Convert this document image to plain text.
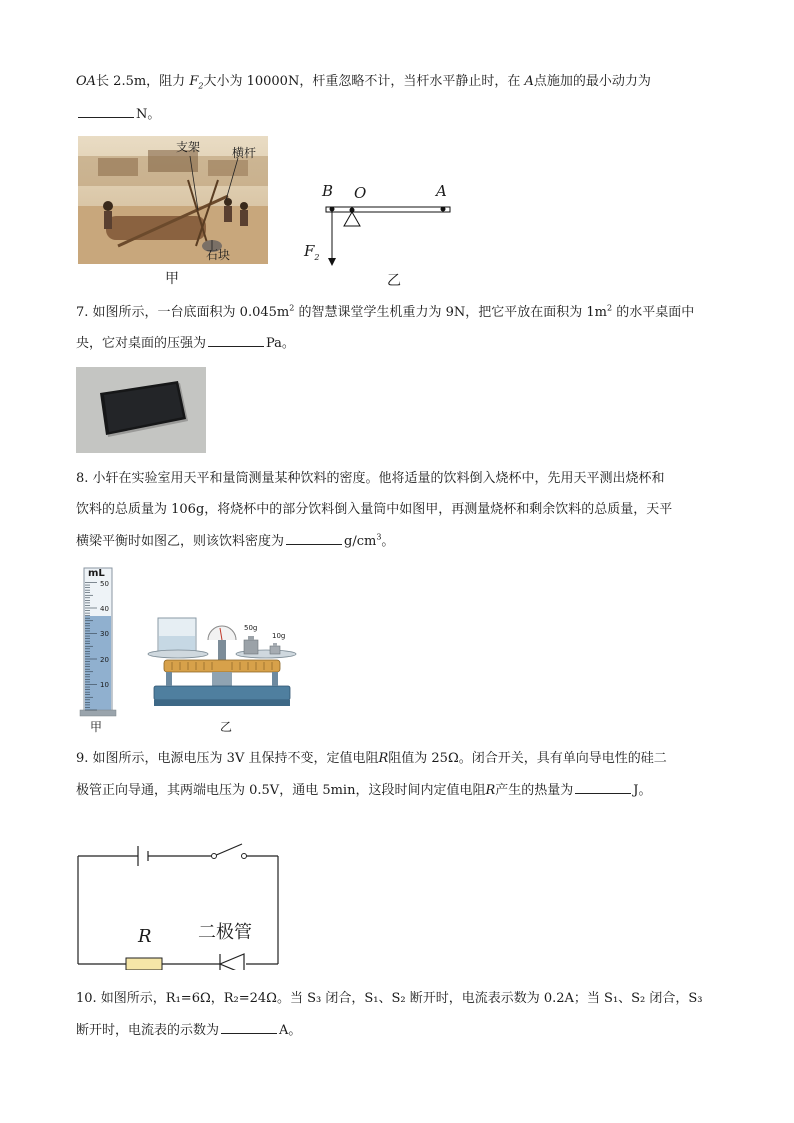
OA长 2.5m，阻力 $F_2$大小为 10000N，杆重忽略不计，当杆水平静止时，在 A点施加的最小动力为
N。
支架	横杆
石块
甲
B O	A
$F_2$
乙
7. 如图所示，一台底面积为 $0.045m^2$ 的智慧课堂学生机重力为 9N，把它平放在面积为 $1m^2$ 的水平桌面中
央，它对桌面的压强为	Pa。
8. 小轩在实验室用天平和量筒测量某种饮料的密度。他将适量的饮料倒入烧杯中，先用天平测出烧杯和
饮料的总质量为 106g，将烧杯中的部分饮料倒入量筒中如图甲，再测量烧杯和剩余饮料的总质量，天平
横梁平衡时如图乙，则该饮料密度为	$g/cm^3$。
mL
50
40
30
20
10
甲
50g
10g
乙
9. 如图所示，电源电压为 3V 且保持不变，定值电阻R阻值为 25Ω。闭合开关，具有单向导电性的硅二
极管正向导通，其两端电压为 0.5V，通电 5min，这段时间内定值电阻R产生的热量为	J。
R	二极管
10. 如图所示，R₁=6Ω，R₂=24Ω。当 S₃ 闭合，S₁、S₂ 断开时，电流表示数为 0.2A；当 S₁、S₂ 闭合，S₃
断开时，电流表的示数为	A。
